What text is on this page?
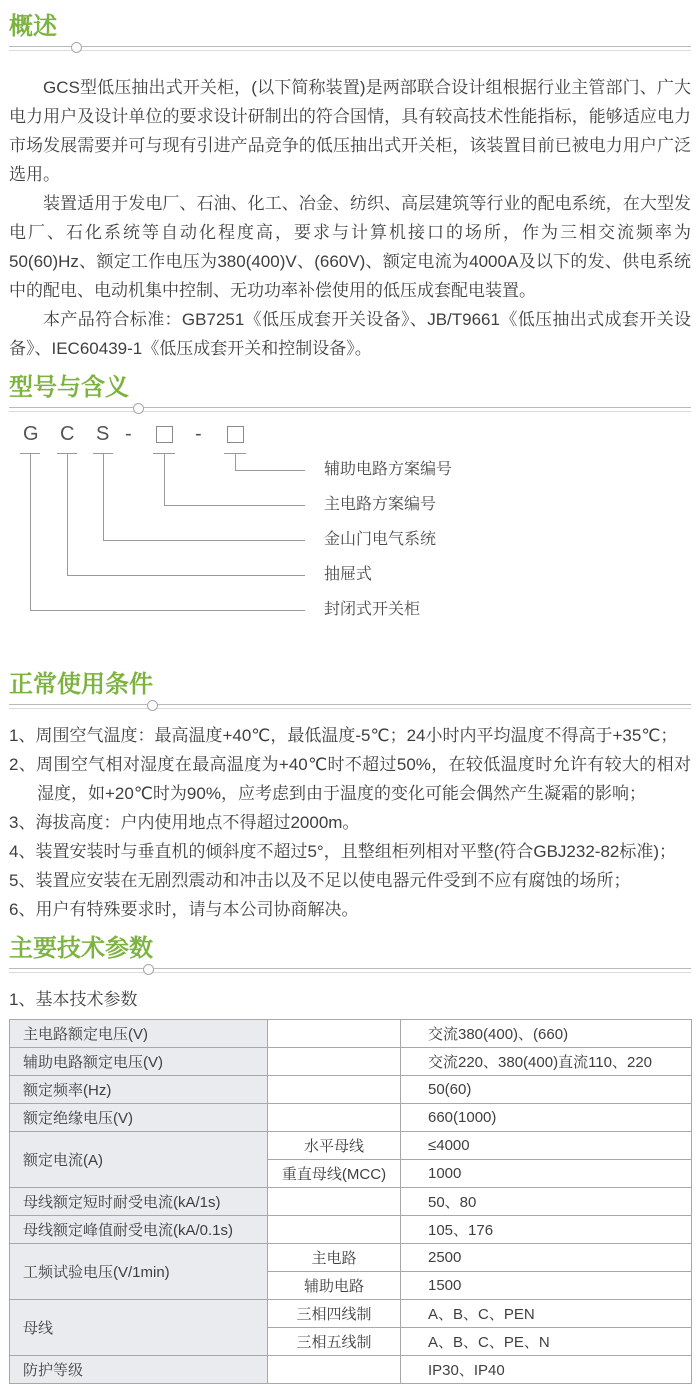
概述

GCS型低压抽出式开关柜，(以下简称装置)是两部联合设计组根据行业主管部门、广大电力用户及设计单位的要求设计研制出的符合国情，具有较高技术性能指标，能够适应电力市场发展需要并可与现有引进产品竞争的低压抽出式开关柜，该装置目前已被电力用户广泛选用。

装置适用于发电厂、石油、化工、冶金、纺织、高层建筑等行业的配电系统，在大型发电厂、石化系统等自动化程度高，要求与计算机接口的场所，作为三相交流频率为50(60)Hz、额定工作电压为380(400)V、(660V)、额定电流为4000A及以下的发、供电系统中的配电、电动机集中控制、无功功率补偿使用的低压成套配电装置。

本产品符合标准：GB7251《低压成套开关设备》、JB/T9661《低压抽出式成套开关设备》、IEC60439-1《低压成套开关和控制设备》。

型号与含义
G C S -	-
辅助电路方案编号
主电路方案编号
金山门电气系统
抽屉式
封闭式开关柜
正常使用条件
1、周围空气温度：最高温度+40℃，最低温度-5℃；24小时内平均温度不得高于+35℃；
2、周围空气相对湿度在最高温度为+40℃时不超过50%，在较低温度时允许有较大的相对湿度，如+20℃时为90%，应考虑到由于温度的变化可能会偶然产生凝霜的影响；
3、海拔高度：户内使用地点不得超过2000m。
4、装置安装时与垂直机的倾斜度不超过5°，且整组柜列相对平整(符合GBJ232-82标准)；
5、装置应安装在无剧烈震动和冲击以及不足以使电器元件受到不应有腐蚀的场所；
6、用户有特殊要求时，请与本公司协商解决。
主要技术参数
1、基本技术参数
主电路额定电压(V)		交流380(400)、(660)
辅助电路额定电压(V)		交流220、380(400)直流110、220
额定频率(Hz)		50(60)
额定绝缘电压(V)		660(1000)
额定电流(A)	水平母线	≤4000
	重直母线(MCC)	1000
母线额定短时耐受电流(kA/1s)		50、80
母线额定峰值耐受电流(kA/0.1s)		105、176
工频试验电压(V/1min)	主电路	2500
	辅助电路	1500
母线	三相四线制	A、B、C、PEN
	三相五线制	A、B、C、PE、N
防护等级		IP30、IP40
